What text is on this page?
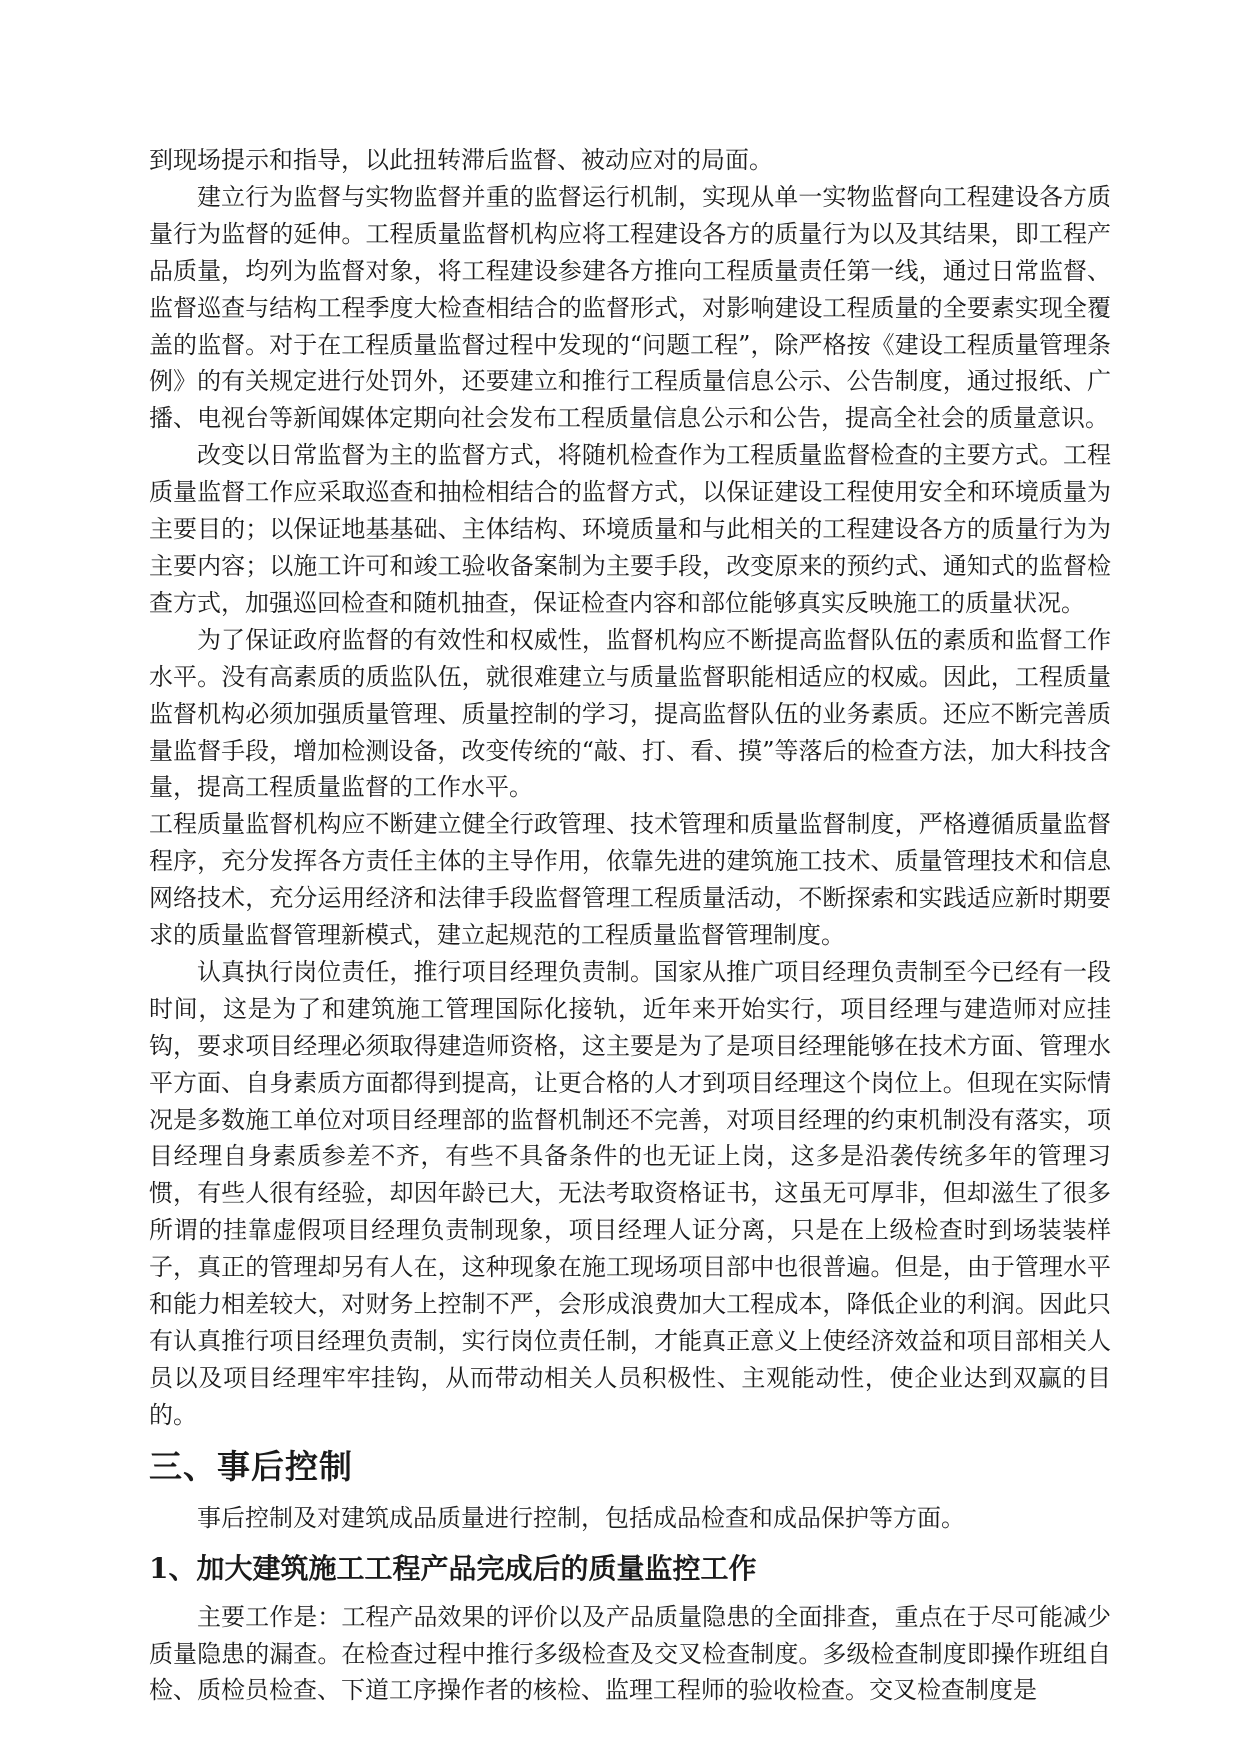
到现场提示和指导，以此扭转滞后监督、被动应对的局面。

建立行为监督与实物监督并重的监督运行机制，实现从单一实物监督向工程建设各方质量行为监督的延伸。工程质量监督机构应将工程建设各方的质量行为以及其结果，即工程产品质量，均列为监督对象，将工程建设参建各方推向工程质量责任第一线，通过日常监督、监督巡查与结构工程季度大检查相结合的监督形式，对影响建设工程质量的全要素实现全覆盖的监督。对于在工程质量监督过程中发现的“问题工程”，除严格按《建设工程质量管理条例》的有关规定进行处罚外，还要建立和推行工程质量信息公示、公告制度，通过报纸、广播、电视台等新闻媒体定期向社会发布工程质量信息公示和公告，提高全社会的质量意识。

改变以日常监督为主的监督方式，将随机检查作为工程质量监督检查的主要方式。工程质量监督工作应采取巡查和抽检相结合的监督方式，以保证建设工程使用安全和环境质量为主要目的；以保证地基基础、主体结构、环境质量和与此相关的工程建设各方的质量行为为主要内容；以施工许可和竣工验收备案制为主要手段，改变原来的预约式、通知式的监督检查方式，加强巡回检查和随机抽查，保证检查内容和部位能够真实反映施工的质量状况。

为了保证政府监督的有效性和权威性，监督机构应不断提高监督队伍的素质和监督工作水平。没有高素质的质监队伍，就很难建立与质量监督职能相适应的权威。因此，工程质量监督机构必须加强质量管理、质量控制的学习，提高监督队伍的业务素质。还应不断完善质量监督手段，增加检测设备，改变传统的“敲、打、看、摸”等落后的检查方法，加大科技含量，提高工程质量监督的工作水平。

工程质量监督机构应不断建立健全行政管理、技术管理和质量监督制度，严格遵循质量监督程序，充分发挥各方责任主体的主导作用，依靠先进的建筑施工技术、质量管理技术和信息网络技术，充分运用经济和法律手段监督管理工程质量活动，不断探索和实践适应新时期要求的质量监督管理新模式，建立起规范的工程质量监督管理制度。

认真执行岗位责任，推行项目经理负责制。国家从推广项目经理负责制至今已经有一段时间，这是为了和建筑施工管理国际化接轨，近年来开始实行，项目经理与建造师对应挂钩，要求项目经理必须取得建造师资格，这主要是为了是项目经理能够在技术方面、管理水平方面、自身素质方面都得到提高，让更合格的人才到项目经理这个岗位上。但现在实际情况是多数施工单位对项目经理部的监督机制还不完善，对项目经理的约束机制没有落实，项目经理自身素质参差不齐，有些不具备条件的也无证上岗，这多是沿袭传统多年的管理习惯，有些人很有经验，却因年龄已大，无法考取资格证书，这虽无可厚非，但却滋生了很多所谓的挂靠虚假项目经理负责制现象，项目经理人证分离，只是在上级检查时到场装装样子，真正的管理却另有人在，这种现象在施工现场项目部中也很普遍。但是，由于管理水平和能力相差较大，对财务上控制不严，会形成浪费加大工程成本，降低企业的利润。因此只有认真推行项目经理负责制，实行岗位责任制，才能真正意义上使经济效益和项目部相关人员以及项目经理牢牢挂钩，从而带动相关人员积极性、主观能动性，使企业达到双赢的目的。

三、事后控制

事后控制及对建筑成品质量进行控制，包括成品检查和成品保护等方面。

1、加大建筑施工工程产品完成后的质量监控工作

主要工作是：工程产品效果的评价以及产品质量隐患的全面排查，重点在于尽可能减少质量隐患的漏查。在检查过程中推行多级检查及交叉检查制度。多级检查制度即操作班组自检、质检员检查、下道工序操作者的核检、监理工程师的验收检查。交叉检查制度是
